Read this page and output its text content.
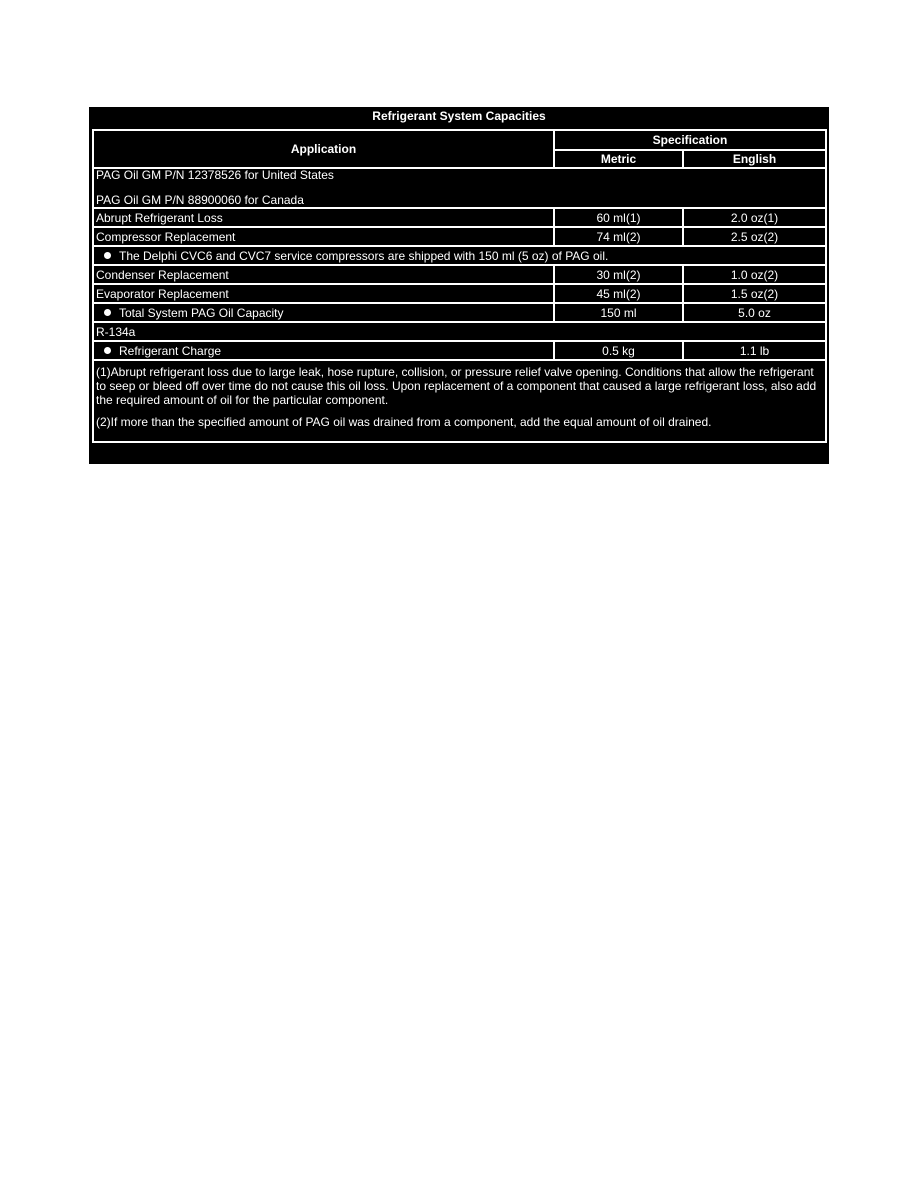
Refrigerant System Capacities
Application	Specification	
	Metric	English

PAG Oil GM P/N 12378526 for United States
PAG Oil GM P/N 88900060 for Canada		

Abrupt Refrigerant Loss	60 ml(1)	2.0 oz(1)
Compressor Replacement	74 ml(2)	2.5 oz(2)
The Delphi CVC6 and CVC7 service compressors are shipped with 150 ml (5 oz) of PAG oil.		
Condenser Replacement	30 ml(2)	1.0 oz(2)
Evaporator Replacement	45 ml(2)	1.5 oz(2)
Total System PAG Oil Capacity	150 ml	5.0 oz
R-134a		
Refrigerant Charge	0.5 kg	1.1 lb

(1)Abrupt refrigerant loss due to large leak, hose rupture, collision, or pressure relief valve opening. Conditions that allow the refrigerant to seep or bleed off over time do not cause this oil loss. Upon replacement of a component that caused a large refrigerant loss, also add the required amount of oil for the particular component.
(2)If more than the specified amount of PAG oil was drained from a component, add the equal amount of oil drained.		
